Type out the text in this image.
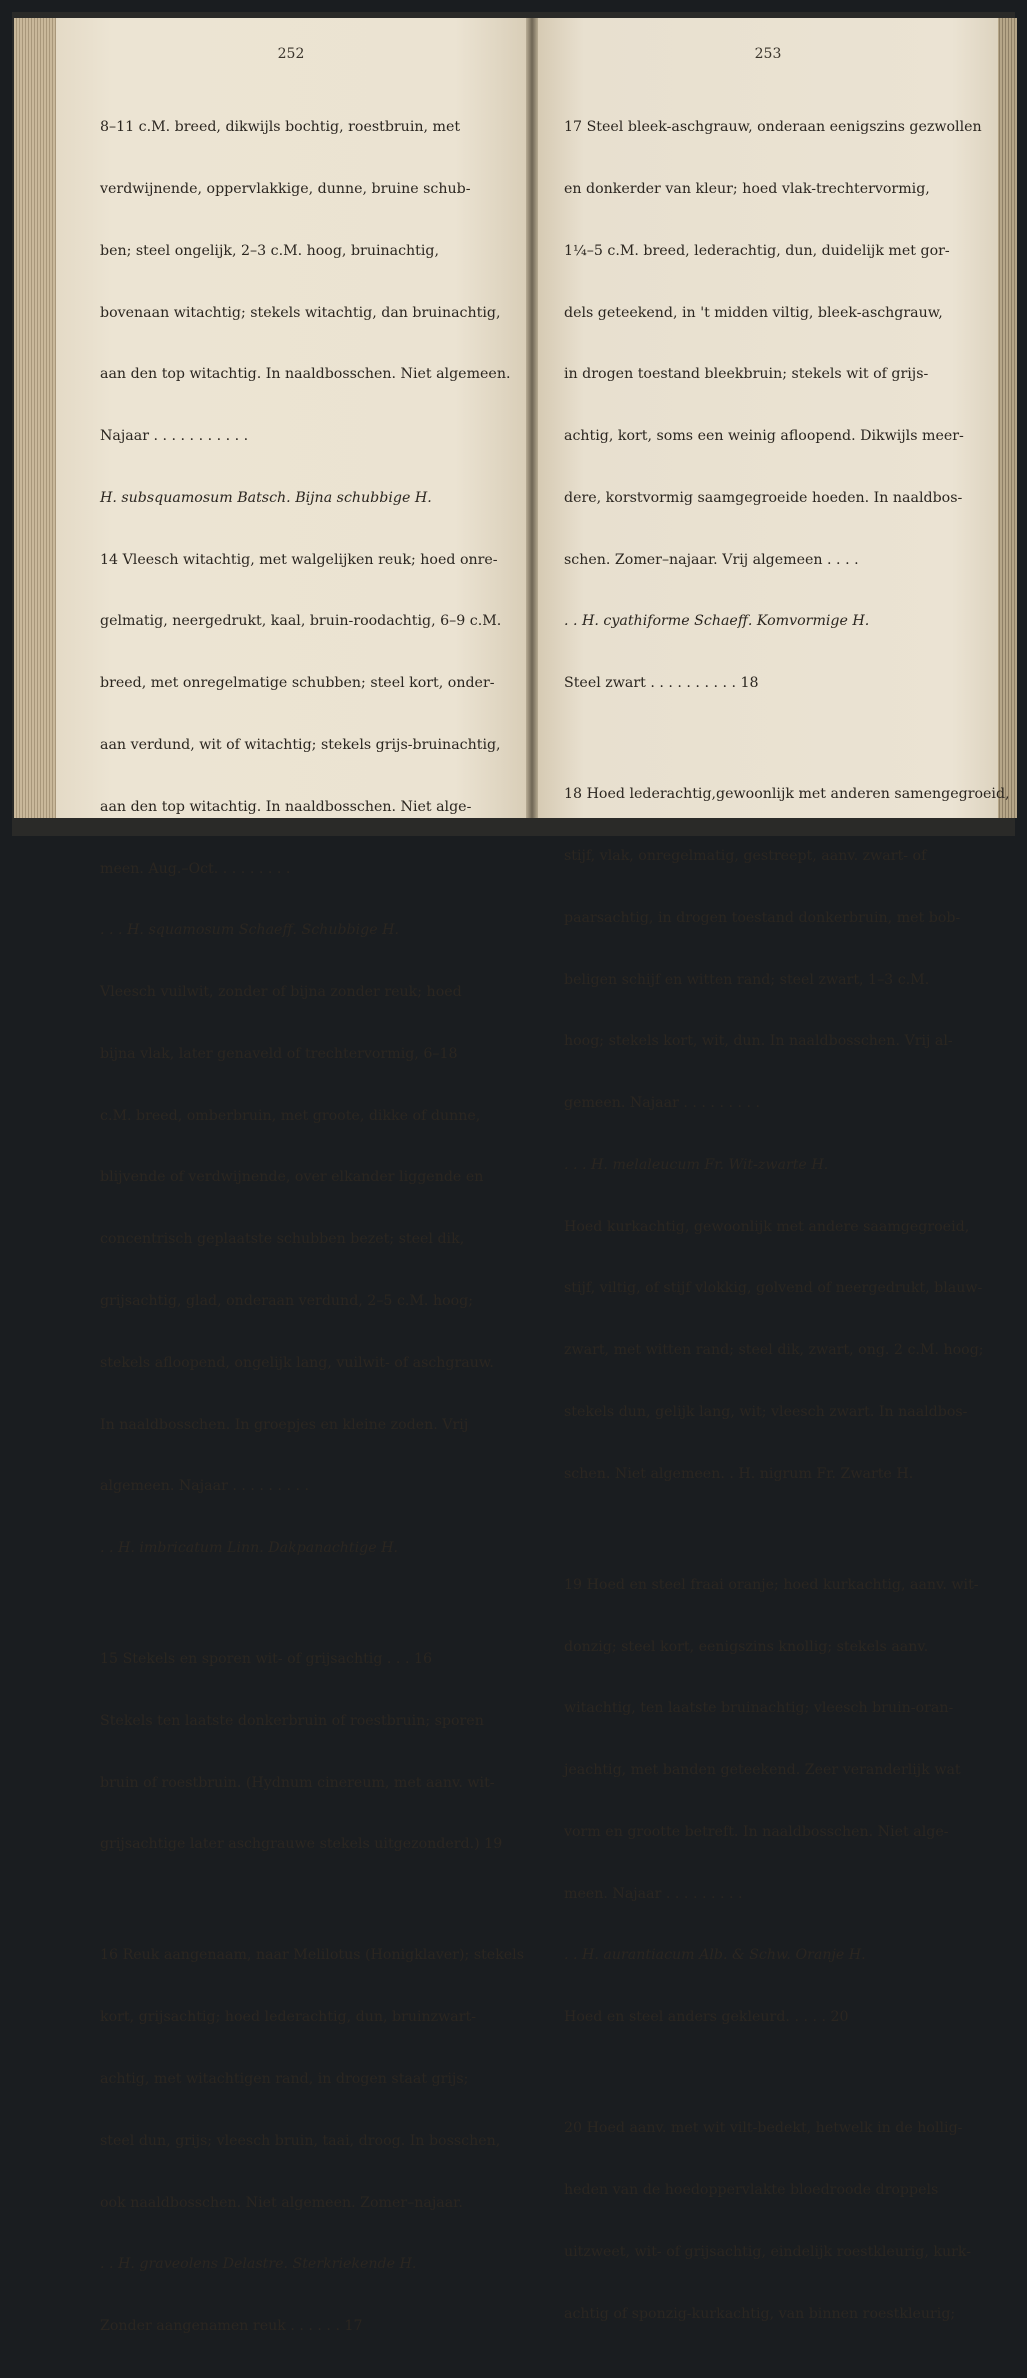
252

8–11 c.M. breed, dikwijls bochtig, roestbruin, met

verdwijnende, oppervlakkige, dunne, bruine schub-

ben; steel ongelijk, 2–3 c.M. hoog, bruinachtig,

bovenaan witachtig; stekels witachtig, dan bruinachtig,

aan den top witachtig. In naaldbosschen. Niet algemeen.

Najaar . . . . . . . . . . .

H. subsquamosum Batsch. Bijna schubbige H.

14 Vleesch witachtig, met walgelijken reuk; hoed onre-

gelmatig, neergedrukt, kaal, bruin-roodachtig, 6–9 c.M.

breed, met onregelmatige schubben; steel kort, onder-

aan verdund, wit of witachtig; stekels grijs-bruinachtig,

aan den top witachtig. In naaldbosschen. Niet alge-

meen. Aug.–Oct. . . . . . . . .

. . . H. squamosum Schaeff. Schubbige H.

Vleesch vuilwit, zonder of bijna zonder reuk; hoed

bijna vlak, later genaveld of trechtervormig, 6–18

c.M. breed, omberbruin, met groote, dikke of dunne,

blijvende of verdwijnende, over elkander liggende en

concentrisch geplaatste schubben bezet; steel dik,

grijsachtig, glad, onderaan verdund, 2–5 c.M. hoog;

stekels afloopend, ongelijk lang, vuilwit- of aschgrauw.

In naaldbosschen. In groepjes en kleine zoden. Vrij

algemeen. Najaar . . . . . . . . .

. . H. imbricatum Linn. Dakpanachtige H.

15 Stekels en sporen wit- of grijsachtig . . . 16

Stekels ten laatste donkerbruin of roestbruin; sporen

bruin of roestbruin. (Hydnum cinereum, met aanv. wit-

grijsachtige later aschgrauwe stekels uitgezonderd.) 19

16 Reuk aangenaam, naar Melilotus (Honigklaver); stekels

kort, grijsachtig; hoed lederachtig, dun, bruinzwart-

achtig, met witachtigen rand, in drogen staat grijs;

steel dun, grijs; vleesch bruin, taai, droog. In bosschen,

ook naaldbosschen. Niet algemeen. Zomer–najaar.

. . H. graveolens Delastre. Sterkriekende H.

Zonder aangenamen reuk . . . . . . 17

253

17 Steel bleek-aschgrauw, onderaan eenigszins gezwollen

en donkerder van kleur; hoed vlak-trechtervormig,

1¼–5 c.M. breed, lederachtig, dun, duidelijk met gor-

dels geteekend, in 't midden viltig, bleek-aschgrauw,

in drogen toestand bleekbruin; stekels wit of grijs-

achtig, kort, soms een weinig afloopend. Dikwijls meer-

dere, korstvormig saamgegroeide hoeden. In naaldbos-

schen. Zomer–najaar. Vrij algemeen . . . .

. . H. cyathiforme Schaeff. Komvormige H.

Steel zwart . . . . . . . . . . 18

18 Hoed lederachtig,gewoonlijk met anderen samengegroeid,

stijf, vlak, onregelmatig, gestreept, aanv. zwart- of

paarsachtig, in drogen toestand donkerbruin, met bob-

beligen schijf en witten rand; steel zwart, 1–3 c.M.

hoog; stekels kort, wit, dun. In naaldbosschen. Vrij al-

gemeen. Najaar . . . . . . . . .

. . . H. melaleucum Fr. Wit-zwarte H.

Hoed kurkachtig, gewoonlijk met andere saamgegroeid,

stijf, viltig, of stijf vlokkig, golvend of neergedrukt, blauw-

zwart, met witten rand; steel dik, zwart, ong. 2 c.M. hoog;

stekels dun, gelijk lang, wit; vleesch zwart. In naaldbos-

schen. Niet algemeen. . H. nigrum Fr. Zwarte H.

19 Hoed en steel fraai oranje; hoed kurkachtig, aanv. wit-

donzig; steel kort, eenigszins knollig; stekels aanv.

witachtig, ten laatste bruinachtig; vleesch bruin-oran-

jeachtig, met banden geteekend. Zeer veranderlijk wat

vorm en grootte betreft. In naaldbosschen. Niet alge-

meen. Najaar . . . . . . . . .

. . H. aurantiacum Alb. & Schw. Oranje H.

Hoed en steel anders gekleurd. . . . . 20

20 Hoed aanv. met wit vilt-bedekt, hetwelk in de hollig-

heden van de hoedoppervlakte bloedroode droppels

uitzweet, wit- of grijsachtig, eindelijk roestkleurig, kurk-

achtig of sponzig-kurkachtig, van binnen roestkleurig;
